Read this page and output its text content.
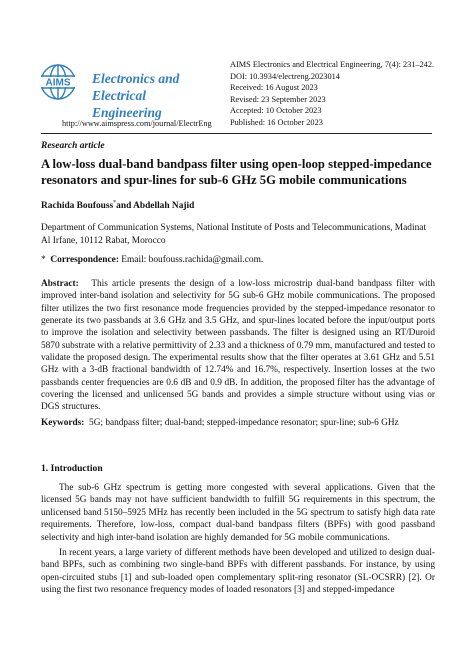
AIMS Electronics and
Electrical Engineering
http://www.aimspress.com/journal/ElectrEng
AIMS Electronics and Electrical Engineering, 7(4): 231–242.
DOI: 10.3934/electreng.2023014
Received: 16 August 2023
Revised: 23 September 2023
Accepted: 10 October 2023
Published: 16 October 2023
Research article
A low-loss dual-band bandpass filter using open-loop stepped-impedance resonators and spur-lines for sub-6 GHz 5G mobile communications
Rachida Boufouss*and Abdellah Najid
Department of Communication Systems, National Institute of Posts and Telecommunications, Madinat Al Irfane, 10112 Rabat, Morocco
* Correspondence: Email: boufouss.rachida@gmail.com.
Abstract: This article presents the design of a low-loss microstrip dual-band bandpass filter with improved inter-band isolation and selectivity for 5G sub-6 GHz mobile communications. The proposed filter utilizes the two first resonance mode frequencies provided by the stepped-impedance resonator to generate its two passbands at 3.6 GHz and 3.5 GHz, and spur-lines located before the input/output ports to improve the isolation and selectivity between passbands. The filter is designed using an RT/Duroid 5870 substrate with a relative permittivity of 2.33 and a thickness of 0.79 mm, manufactured and tested to validate the proposed design. The experimental results show that the filter operates at 3.61 GHz and 5.51 GHz with a 3-dB fractional bandwidth of 12.74% and 16.7%, respectively. Insertion losses at the two passbands center frequencies are 0.6 dB and 0.9 dB. In addition, the proposed filter has the advantage of covering the licensed and unlicensed 5G bands and provides a simple structure without using vias or DGS structures.
Keywords: 5G; bandpass filter; dual-band; stepped-impedance resonator; spur-line; sub-6 GHz
1. Introduction
The sub-6 GHz spectrum is getting more congested with several applications. Given that the licensed 5G bands may not have sufficient bandwidth to fulfill 5G requirements in this spectrum, the unlicensed band 5150–5925 MHz has recently been included in the 5G spectrum to satisfy high data rate requirements. Therefore, low-loss, compact dual-band bandpass filters (BPFs) with good passband selectivity and high inter-band isolation are highly demanded for 5G mobile communications.
In recent years, a large variety of different methods have been developed and utilized to design dual-band BPFs, such as combining two single-band BPFs with different passbands. For instance, by using open-circuited stubs [1] and sub-loaded open complementary split-ring resonator (SL-OCSRR) [2]. Or using the first two resonance frequency modes of loaded resonators [3] and stepped-impedance
